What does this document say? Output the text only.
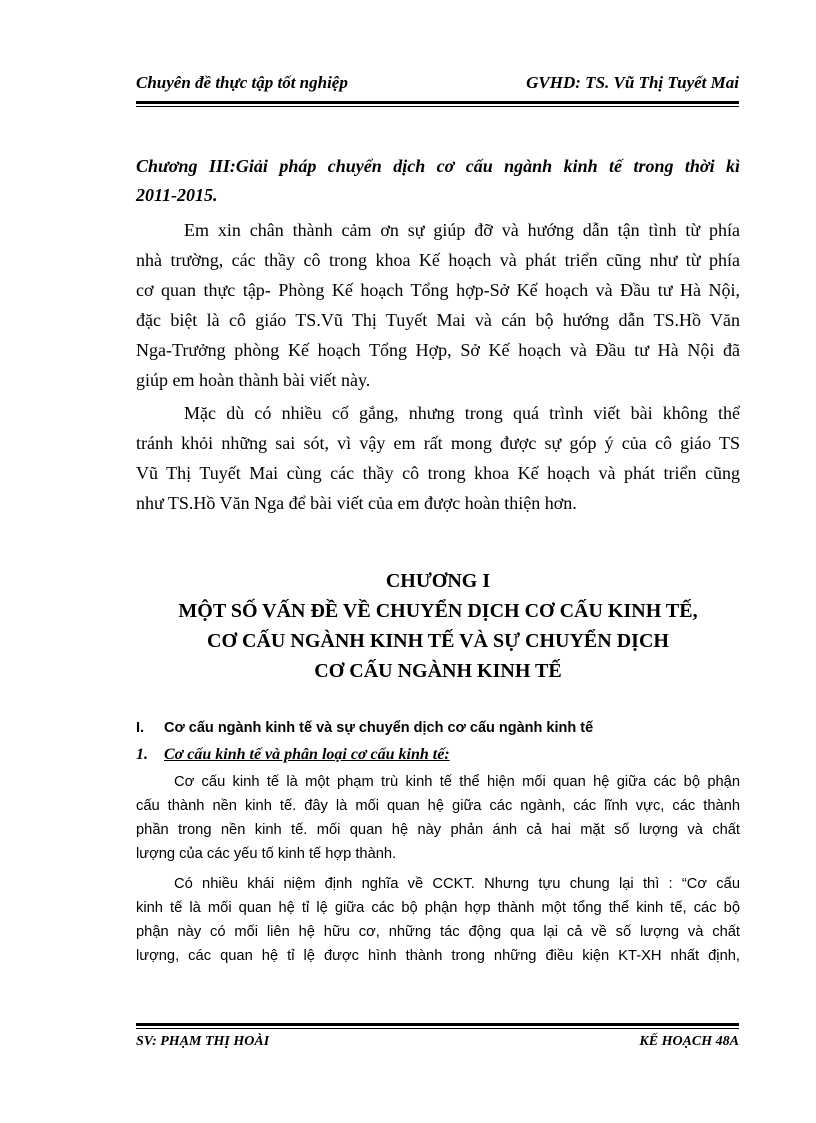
Chuyên đề thực tập tốt nghiệp	GVHD: TS. Vũ Thị Tuyết Mai
Chương III:Giải pháp chuyển dịch cơ cấu ngành kinh tế trong thời kì
2011-2015.
Em xin chân thành cảm ơn sự giúp đỡ và hướng dẫn tận tình từ phía
nhà trường, các thầy cô trong khoa Kế hoạch và phát triển cũng như từ phía
cơ quan thực tập- Phòng Kế hoạch Tổng hợp-Sở Kế hoạch và Đầu tư Hà Nội,
đặc biệt là cô giáo TS.Vũ Thị Tuyết Mai và cán bộ hướng dẫn TS.Hồ Văn
Nga-Trưởng phòng Kế hoạch Tổng Hợp, Sở Kế hoạch và Đầu tư Hà Nội đã
giúp em hoàn thành bài viết này.
Mặc dù có nhiều cố gắng, nhưng trong quá trình viết bài không thể
tránh khỏi những sai sót, vì vậy em rất mong được sự góp ý của cô giáo TS
Vũ Thị Tuyết Mai cùng các thầy cô trong khoa Kế hoạch và phát triển cũng
như TS.Hồ Văn Nga để bài viết của em được hoàn thiện hơn.
CHƯƠNG I
MỘT SỐ VẤN ĐỀ VỀ CHUYỂN DỊCH CƠ CẤU KINH TẾ,
CƠ CẤU NGÀNH KINH TẾ VÀ SỰ CHUYỂN DỊCH
CƠ CẤU NGÀNH KINH TẾ
I. Cơ cấu ngành kinh tế và sự chuyển dịch cơ cấu ngành kinh tế
1. Cơ cấu kinh tế và phân loại cơ cấu kinh tế:
Cơ cấu kinh tế là một phạm trù kinh tế thể hiện mối quan hệ giữa các bộ phận
cấu thành nền kinh tế. đây là mối quan hệ giữa các ngành, các lĩnh vực, các thành
phần trong nền kinh tế. mối quan hệ này phản ánh cả hai mặt số lượng và chất
lượng của các yếu tố kinh tế hợp thành.
Có nhiều khái niệm định nghĩa về CCKT. Nhưng tựu chung lại thì : “Cơ cấu
kinh tế là mối quan hệ tỉ lệ giữa các bộ phận hợp thành một tổng thể kinh tế, các bộ
phận này có mối liên hệ hữu cơ, những tác động qua lại cả về số lượng và chất
lượng, các quan hệ tỉ lệ được hình thành trong những điều kiện KT-XH nhất định,
SV: PHẠM THỊ HOÀI	KẾ HOẠCH 48A
